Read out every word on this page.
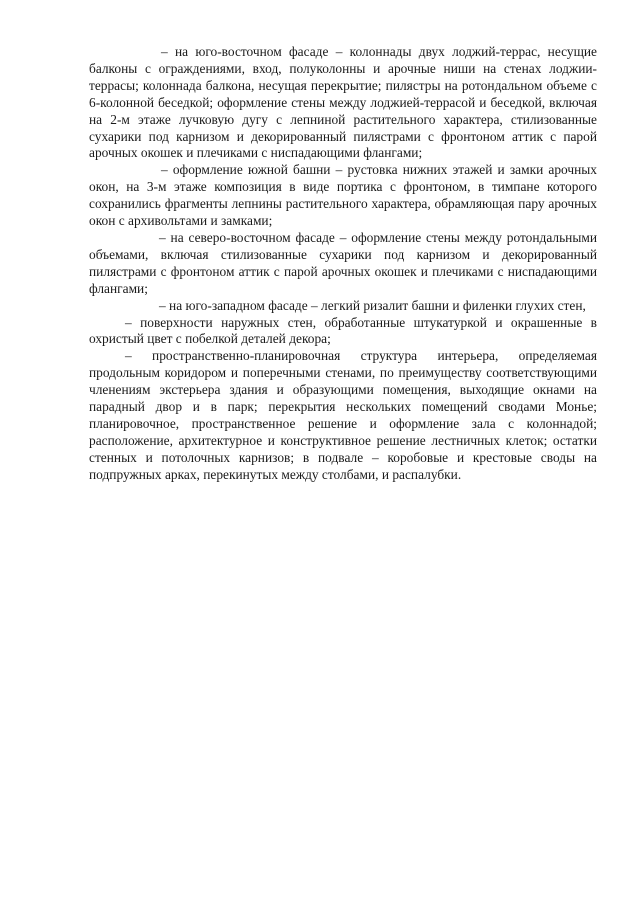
– на юго-восточном фасаде – колоннады двух лоджий-террас, несущие балконы с ограждениями, вход, полуколонны и арочные ниши на стенах лоджии-террасы; колоннада балкона, несущая перекрытие; пилястры на ротондальном объеме с 6-колонной беседкой; оформление стены между лоджией-террасой и беседкой, включая на 2-м этаже лучковую дугу с лепниной растительного характера, стилизованные сухарики под карнизом и декорированный пилястрами с фронтоном аттик с парой арочных окошек и плечиками с ниспадающими флангами;

– оформление южной башни – рустовка нижних этажей и замки арочных окон, на 3-м этаже композиция в виде портика с фронтоном, в тимпане которого сохранились фрагменты лепнины растительного характера, обрамляющая пару арочных окон с архивольтами и замками;

– на северо-восточном фасаде – оформление стены между ротондальными объемами, включая стилизованные сухарики под карнизом и декорированный пилястрами с фронтоном аттик с парой арочных окошек и плечиками с ниспадающими флангами;

– на юго-западном фасаде – легкий ризалит башни и филенки глухих стен,

– поверхности наружных стен, обработанные штукатуркой и окрашенные в охристый цвет с побелкой деталей декора;

– пространственно-планировочная структура интерьера, определяемая продольным коридором и поперечными стенами, по преимуществу соответствующими членениям экстерьера здания и образующими помещения, выходящие окнами на парадный двор и в парк; перекрытия нескольких помещений сводами Монье; планировочное, пространственное решение и оформление зала с колоннадой; расположение, архитектурное и конструктивное решение лестничных клеток; остатки стенных и потолочных карнизов; в подвале – коробовые и крестовые своды на подпружных арках, перекинутых между столбами, и распалубки.
